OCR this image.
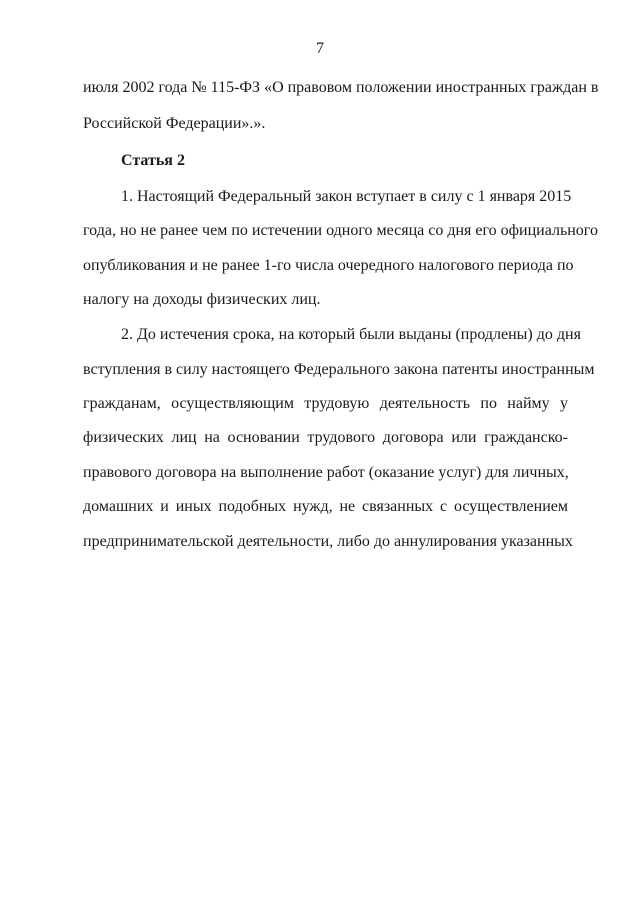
7
июля 2002 года № 115-ФЗ «О правовом положении иностранных граждан в
Российской Федерации».».
Статья 2
1. Настоящий Федеральный закон вступает в силу с 1 января 2015
года, но не ранее чем по истечении одного месяца со дня его официального
опубликования и не ранее 1-го числа очередного налогового периода по
налогу на доходы физических лиц.
2. До истечения срока, на который были выданы (продлены) до дня
вступления в силу настоящего Федерального закона патенты иностранным
гражданам, осуществляющим трудовую деятельность по найму у
физических лиц на основании трудового договора или гражданско-
правового договора на выполнение работ (оказание услуг) для личных,
домашних и иных подобных нужд, не связанных с осуществлением
предпринимательской деятельности, либо до аннулирования указанных
